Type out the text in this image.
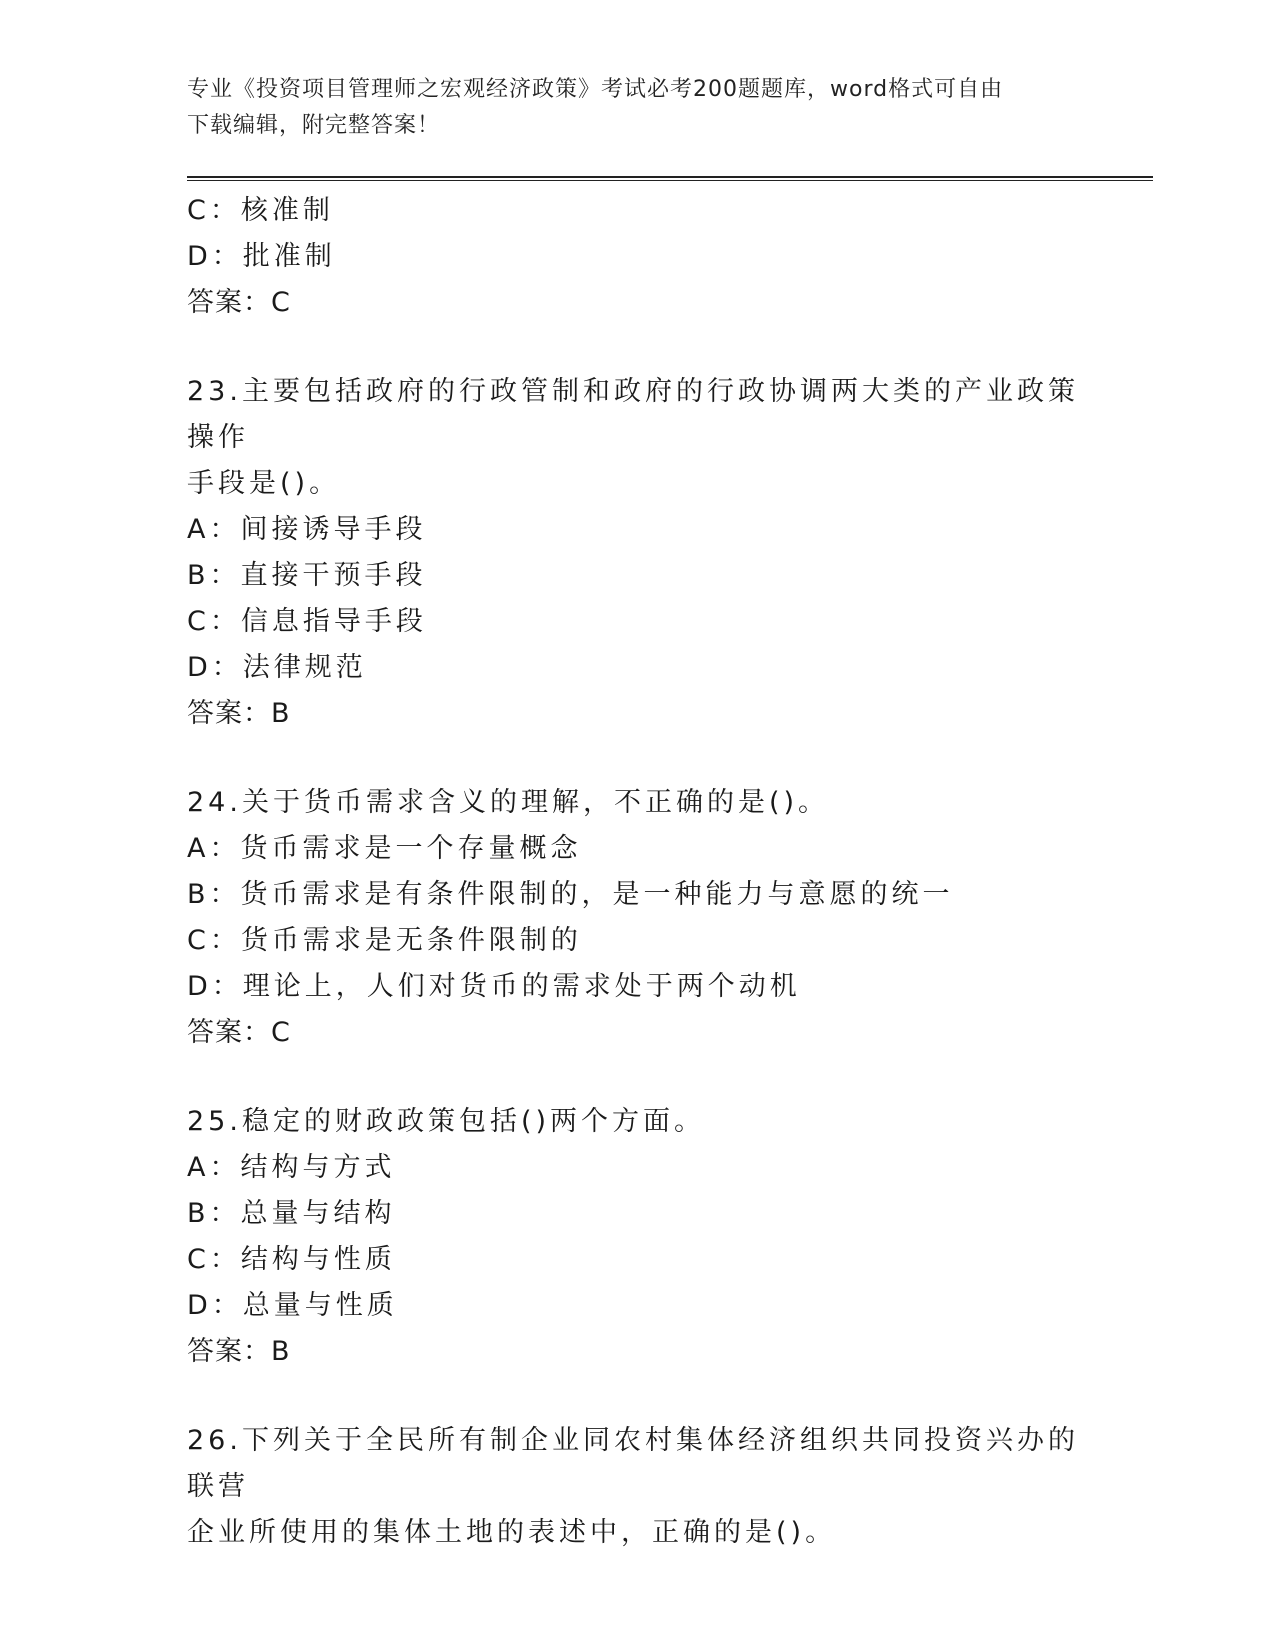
专业《投资项目管理师之宏观经济政策》考试必考200题题库，word格式可自由
下载编辑，附完整答案！
C：核准制
D：批准制
答案：C
23.主要包括政府的行政管制和政府的行政协调两大类的产业政策操作
手段是()。
A：间接诱导手段
B：直接干预手段
C：信息指导手段
D：法律规范
答案：B
24.关于货币需求含义的理解，不正确的是()。
A：货币需求是一个存量概念
B：货币需求是有条件限制的，是一种能力与意愿的统一
C：货币需求是无条件限制的
D：理论上，人们对货币的需求处于两个动机
答案：C
25.稳定的财政政策包括()两个方面。
A：结构与方式
B：总量与结构
C：结构与性质
D：总量与性质
答案：B
26.下列关于全民所有制企业同农村集体经济组织共同投资兴办的联营
企业所使用的集体土地的表述中，正确的是()。
